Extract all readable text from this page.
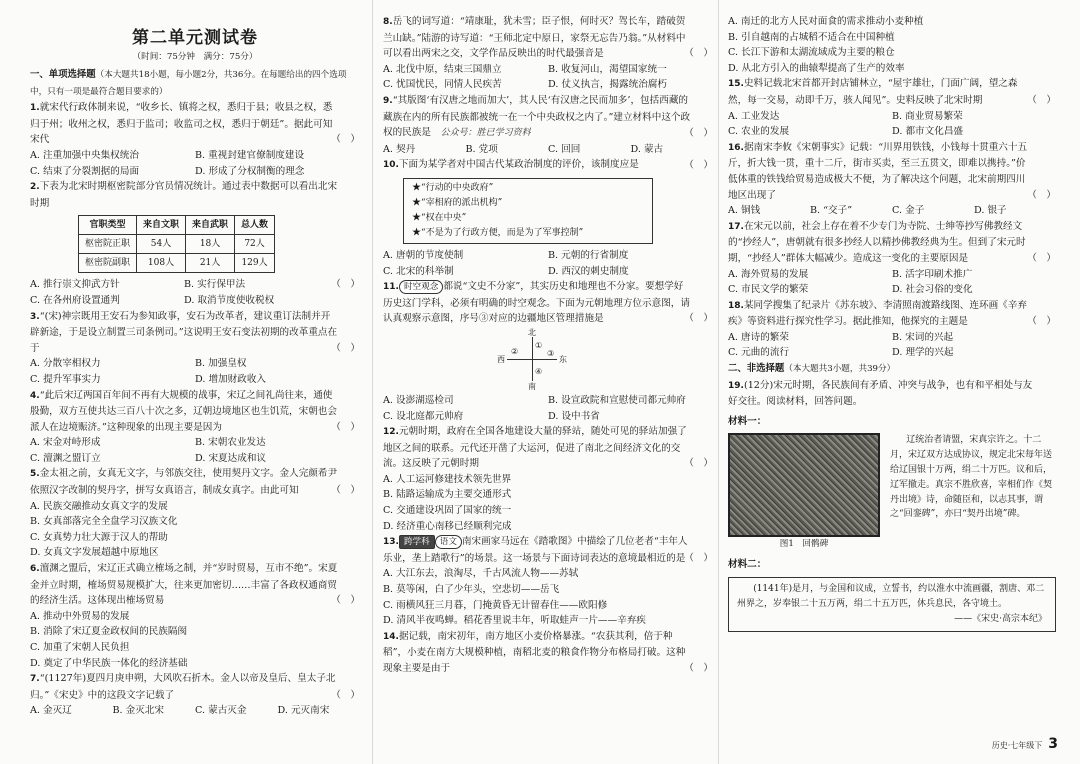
第二单元测试卷
（时间：75分钟　满分：75分）
一、单项选择题（本大题共18小题，每小题2分，共36分。在每题给出的四个选项中，只有一项是最符合题目要求的）
1.就宋代行政体制来说，“收乡长、镇将之权，悉归于县；收县之权，悉归于州；收州之权，悉归于监司；收监司之权，悉归于朝廷”。据此可知宋代	（　）
A. 注重加强中央集权统治	B. 重视封建官僚制度建设
C. 结束了分裂割据的局面	D. 形成了分权制衡的理念
2.下表为北宋时期枢密院部分官员情况统计。通过表中数据可以看出北宋时期
官职类型	来自文职	来自武职	总人数
枢密院正职	54人	18人	72人
枢密院副职	108人	21人	129人
A. 推行崇文抑武方针	B. 实行保甲法
C. 在各州府设置通判	D. 取消节度使收税权
（　）
3.“(宋)神宗既用王安石为参知政事，安石为改革者，建议重订法制并开辟新途，于是设立制置三司条例司。”这说明王安石变法初期的改革重点在于	（　）
A. 分散宰相权力	B. 加强皇权
C. 提升军事实力	D. 增加财政收入
4.“此后宋辽两国百年间不再有大规模的战事，宋辽之间礼尚往来，通使殷勤，双方互使共达三百八十次之多，辽朝边境地区也生饥荒，宋朝也会派人在边境赈济。”这种现象的出现主要是因为	（　）
A. 宋金对峙形成	B. 宋朝农业发达
C. 澶渊之盟订立	D. 宋夏达成和议
5.金太祖之前，女真无文字，与邻族交往，使用契丹文字。金人完颜希尹依照汉字改制的契丹字，拼写女真语言，制成女真字。由此可知	（　）
A. 民族交融推动女真文字的发展
B. 女真部落完全全盘学习汉族文化
C. 女真势力壮大源于汉人的帮助
D. 女真文字发展超越中原地区
6.澶渊之盟后，宋辽正式确立榷场之制，并“岁时贸易，互市不绝”。宋夏金并立时期，榷场贸易规模扩大，往来更加密切……丰富了各政权通商贸的经济生活。这体现出榷场贸易	（　）
A. 推动中外贸易的发展
B. 消除了宋辽夏金政权间的民族隔阂
C. 加重了宋朝人民负担
D. 奠定了中华民族一体化的经济基础
7.“(1127年)夏四月庚申朔，大风吹石折木。金人以帝及皇后、皇太子北归。”《宋史》中的这段文字记载了	（　）
A. 金灭辽	B. 金灭北宋	C. 蒙古灭金	D. 元灭南宋
8.岳飞的词写道：“靖康耻，犹未雪；臣子恨，何时灭？驾长车，踏破贺兰山缺。”陆游的诗写道：“王师北定中原日，家祭无忘告乃翁。”从材料中可以看出两宋之交，文学作品反映出的时代最强音是	（　）
A. 北伐中原，结束三国鼎立	B. 收复河山，渴望国家统一
C. 忧国忧民，同情人民疾苦	D. 仗义执言，揭露统治腐朽
9.“其版图‘有汉唐之地而加大’，其人民‘有汉唐之民而加多’，包括西藏的藏族在内的所有民族都被统一在一个中央政权之内了。”建立材料中这个政权的民族是　 公众号：胜已学习资料	（　）
A. 契丹	B. 党项	C. 回回	D. 蒙古
10.下面为某学者对中国古代某政治制度的评价，该制度应是	（　）
★“行动的中央政府”
★“宰相府的派出机构”
★“权在中央”
★“不是为了行政方便，而是为了军事控制”
A. 唐朝的节度使制	B. 元朝的行省制度
C. 北宋的科举制	D. 西汉的刺史制度
11. 时空观念 都说“文史不分家”，其实历史和地理也不分家。要想学好历史这门学科，必须有明确的时空观念。下面为元朝地理方位示意图，请认真观察示意图，序号③对应的边疆地区管理措施是	（　）
北
南
西	东
①
②	③
④
A. 设澎湖巡检司	B. 设宣政院和宣慰使司都元帅府
C. 设北庭都元帅府	D. 设中书省
12.元朝时期，政府在全国各地建设大量的驿站，随处可见的驿站加强了地区之间的联系。元代还开凿了大运河，促进了南北之间经济文化的交流。这反映了元朝时期	（　）
A. 人工运河修建技术领先世界
B. 陆路运输成为主要交通形式
C. 交通建设巩固了国家的统一
D. 经济重心南移已经顺利完成
13. 跨学科 语文 南宋画家马远在《踏歌图》中描绘了几位老者“丰年人乐业，垄上踏歌行”的场景。这一场景与下面诗词表达的意境最相近的是
（　）
A. 大江东去，浪淘尽，千古风流人物——苏轼
B. 莫等闲，白了少年头，空悲切——岳飞
C. 雨横风狂三月暮，门掩黄昏无计留春住——欧阳修
D. 清风半夜鸣蝉。稻花香里说丰年，听取蛙声一片——辛弃疾
14.据记载，南宋初年，南方地区小麦价格暴涨。“农获其利，倍于种稻”，小麦在南方大规模种植，南稻北麦的粮食作物分布格局打破。这种现象主要是由于	（　）
A. 南迁的北方人民对面食的需求推动小麦种植
B. 引自越南的占城稻不适合在中国种植
C. 长江下游和太湖流域成为主要的粮仓
D. 从北方引入的曲辕犁提高了生产的效率
15.史料记载北宋首都开封店铺林立，“屋宇雄壮，门面广阔，望之森然，每一交易，动即千万，骇人闻见”。史料反映了北宋时期	（　）
A. 工业发达	B. 商业贸易繁荣
C. 农业的发展	D. 都市文化昌盛
16.据南宋李攸《宋朝事实》记载：“川界用铁钱，小钱每十贯重六十五斤，折大钱一贯，重十二斤，街市买卖，至三五贯文，即难以携持。”价低体重的铁钱给贸易造成极大不便，为了解决这个问题，北宋前期四川地区出现了	（　）
A. 铜钱	B. “交子”	C. 金子	D. 银子
17.在宋元以前，社会上存在着不少专门为寺院、士绅等抄写佛教经文的“抄经人”，唐朝就有很多抄经人以精抄佛教经典为生。但到了宋元时期，“抄经人”群体大幅减少。造成这一变化的主要原因是	（　）
A. 海外贸易的发展	B. 活字印刷术推广
C. 市民文学的繁荣	D. 社会习俗的变化
18.某同学搜集了纪录片《苏东坡》、李清照南渡路线图、连环画《辛弃疾》等资料进行探究性学习。据此推知，他探究的主题是	（　）
A. 唐诗的繁荣	B. 宋词的兴起
C. 元曲的流行	D. 理学的兴起
二、非选择题（本大题共3小题，共39分）
19.(12分)宋元时期，各民族间有矛盾、冲突与战争，也有和平相处与友好交往。阅读材料，回答问题。
材料一：
图1　回鹘碑
辽统治者请盟，宋真宗许之。十二月，宋辽双方达成协议，规定北宋每年送给辽国银十万两，绢二十万匹。议和后，辽军撤走。真宗不胜欣喜，宰相们作《契丹出境》诗，命随臣和，以志其事，谓之“回銮碑”，亦曰“契丹出境”碑。
材料二：
(1141年)是月，与金国和议成，立誓书，约以淮水中流画疆，割唐、邓二州界之，岁奉银二十五万两，绢二十五万匹，休兵息民，各守境土。
——《宋史·高宗本纪》
历史·七年级下 3
